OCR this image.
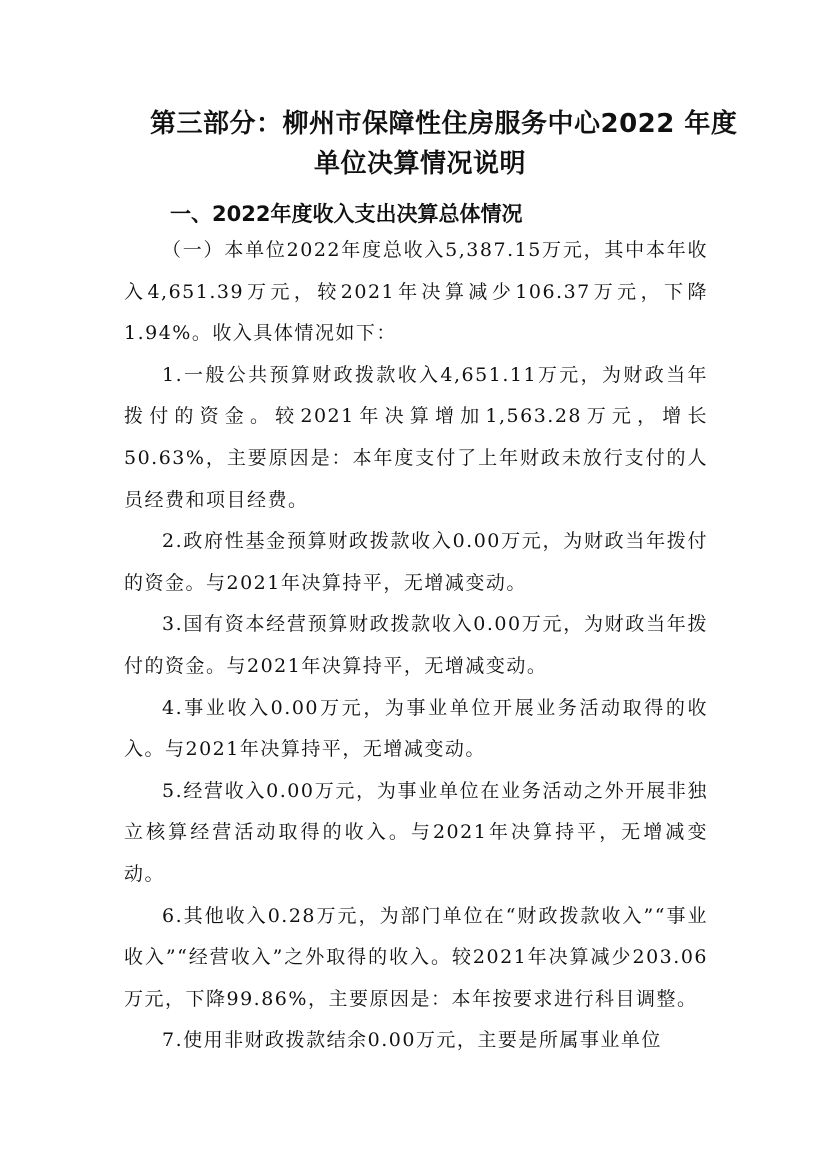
第三部分：柳州市保障性住房服务中心2022 年度
单位决算情况说明
一、2022年度收入支出决算总体情况

（一）本单位2022年度总收入5,387.15万元，其中本年收入4,651.39万元，较2021年决算减少106.37万元，下降1.94%。收入具体情况如下：

1.一般公共预算财政拨款收入4,651.11万元，为财政当年拨付的资金。较2021年决算增加1,563.28万元，增长50.63%，主要原因是：本年度支付了上年财政未放行支付的人员经费和项目经费。

2.政府性基金预算财政拨款收入0.00万元，为财政当年拨付的资金。与2021年决算持平，无增减变动。

3.国有资本经营预算财政拨款收入0.00万元，为财政当年拨付的资金。与2021年决算持平，无增减变动。

4.事业收入0.00万元，为事业单位开展业务活动取得的收入。与2021年决算持平，无增减变动。

5.经营收入0.00万元，为事业单位在业务活动之外开展非独立核算经营活动取得的收入。与2021年决算持平，无增减变动。

6.其他收入0.28万元，为部门单位在“财政拨款收入”“事业收入”“经营收入”之外取得的收入。较2021年决算减少203.06万元，下降99.86%，主要原因是：本年按要求进行科目调整。

7.使用非财政拨款结余0.00万元，主要是所属事业单位
